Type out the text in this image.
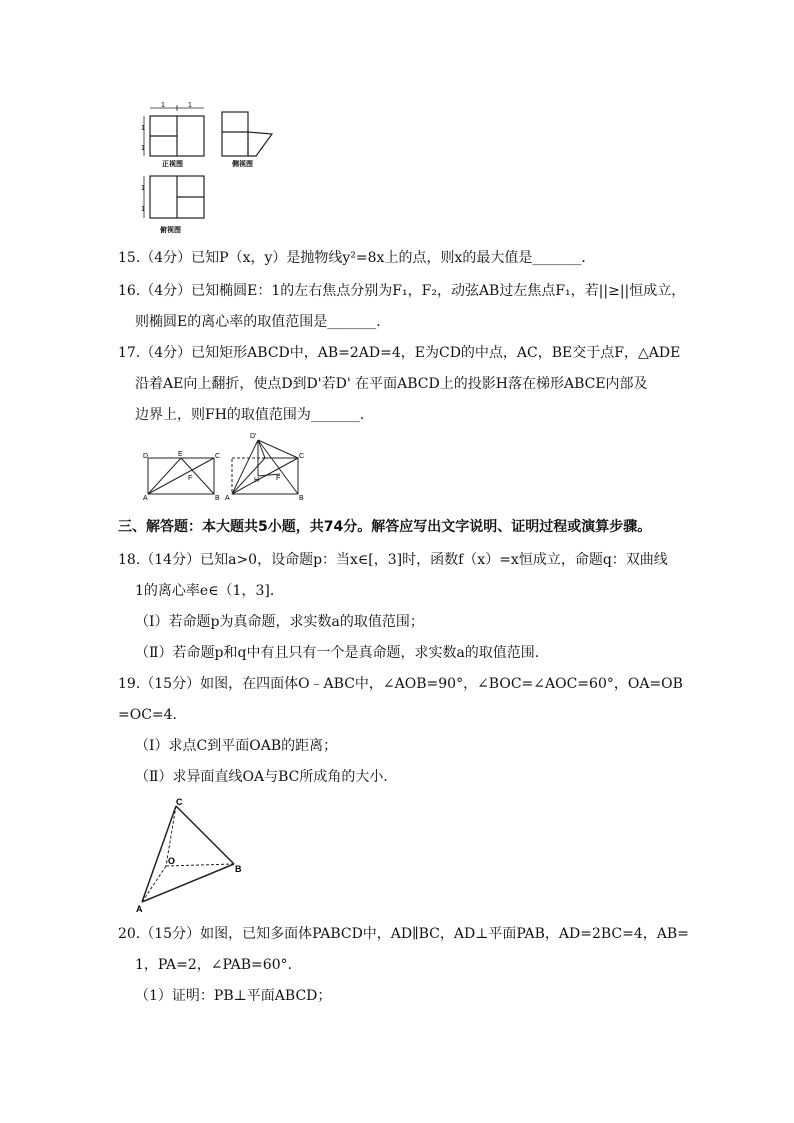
1	1
1
1
正视图	侧视图
1
1
俯视图
15.（4分）已知P（x，y）是抛物线y²=8x上的点，则x的最大值是_______．
16.（4分）已知椭圆E：1的左右焦点分别为F₁，F₂，动弦AB过左焦点F₁，若||≥||恒成立，
则椭圆E的离心率的取值范围是_______．
17.（4分）已知矩形ABCD中，AB=2AD=4，E为CD的中点，AC，BE交于点F，△ADE
沿着AE向上翻折，使点D到D'若D' 在平面ABCD上的投影H落在梯形ABCE内部及
边界上，则FH的取值范围为_______．
D	E	C
A	B
F
D'
C
A	B
F
H
三、解答题：本大题共5小题，共74分。解答应写出文字说明、证明过程或演算步骤。
18.（14分）已知a>0，设命题p：当x∈[，3]时，函数f（x）=x恒成立，命题q：双曲线
1的离心率e∈（1，3]．
（Ⅰ）若命题p为真命题，求实数a的取值范围；
（Ⅱ）若命题p和q中有且只有一个是真命题，求实数a的取值范围．
19.（15分）如图，在四面体O﹣ABC中，∠AOB=90°，∠BOC=∠AOC=60°，OA=OB
=OC=4．
（Ⅰ）求点C到平面OAB的距离；
（Ⅱ）求异面直线OA与BC所成角的大小．
C
O
B
A
20.（15分）如图，已知多面体PABCD中，AD∥BC，AD⊥平面PAB，AD=2BC=4，AB=
1，PA=2，∠PAB=60°．
（1）证明：PB⊥平面ABCD；
